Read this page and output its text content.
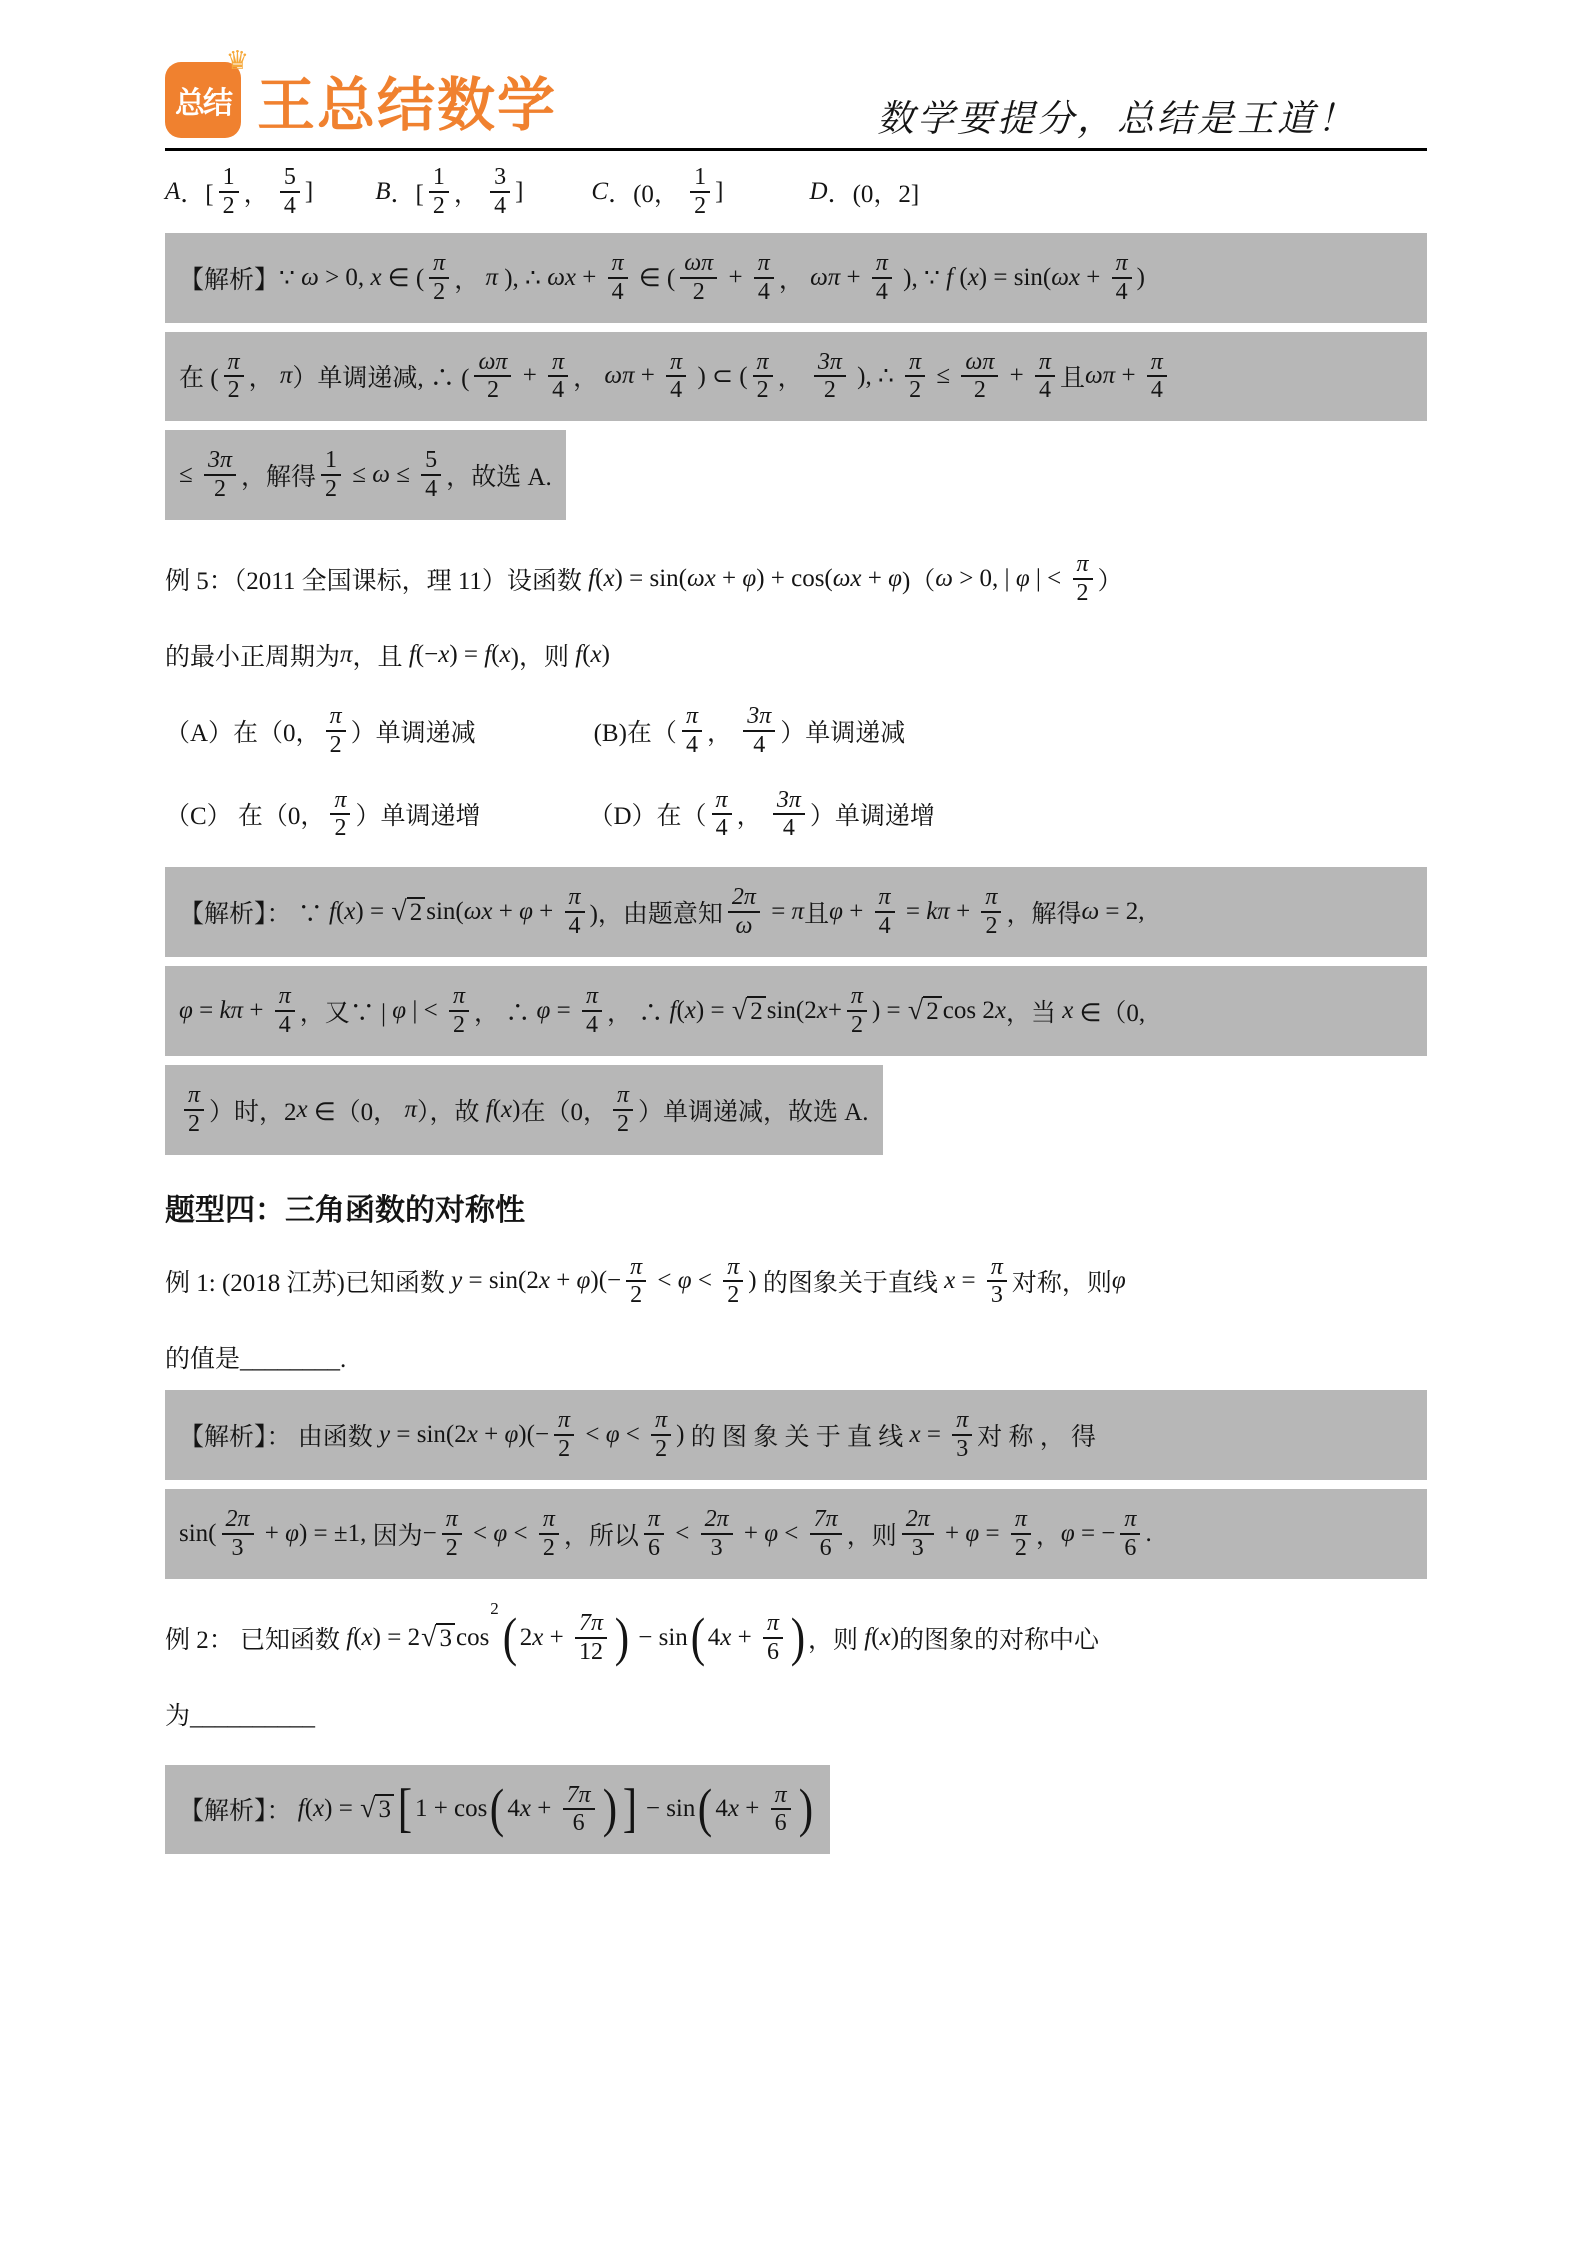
♛
总结 王总结数学	数学要提分，总结是王道！
A ．[ $\frac{1}{2}$ ， $\frac{5}{4}$ ] B ．[ $\frac{1}{2}$ ， $\frac{3}{4}$ ]	C ．(0， $\frac{1}{2}$ ]	D ．(0，2]
【解析】 ∵ ω > 0, x ∈ ( $\frac{\pi}{2}$ ， π ), ∴ $\omega x + \frac{\pi}{4}$ ∈ ( $\frac{\omega\pi}{2} + \frac{\pi}{4}$ ， $\omega\pi + \frac{\pi}{4}$ ), ∵ f ( x ) = sin( $\omega x + \frac{\pi}{4}$ )
在 ( $\frac{\pi}{2}$ ， π ）单调递减, ∴ ( $\frac{\omega\pi}{2} + \frac{\pi}{4}$ ， $\omega\pi + \frac{\pi}{4}$ ) ⊂ ( $\frac{\pi}{2}$ ， $\frac{3\pi}{2}$ ), ∴ $\frac{\pi}{2} \le \frac{\omega\pi}{2} + \frac{\pi}{4}$ 且 $\omega\pi + \frac{\pi}{4}$
≤ $\frac{3\pi}{2}$ ， 解得 $\frac{1}{2} \le \omega \le \frac{5}{4}$ ， 故选 A.
例 5：（2011 全国课标，理 11）设函数 f ( x ) = sin( ωx + φ ) + cos( ωx + φ )（ ω > 0, | φ | < $\frac{\pi}{2}$ ）
的最小正周期为 π ，且 f (− x ) = f ( x )， 则 f ( x )
（A）在（0， $\frac{\pi}{2}$ ）单调递减	(B)在（ $\frac{\pi}{4}$ ， $\frac{3\pi}{4}$ ）单调递减
（C） 在（0， $\frac{\pi}{2}$ ）单调递增	（D）在（ $\frac{\pi}{4}$ ， $\frac{3\pi}{4}$ ）单调递增
【解析】： ∵ f ( x ) = √ 2 sin( $\omega x + \varphi + \frac{\pi}{4}$ )， 由题意知 $\frac{2\pi}{\omega} = \pi$ 且 $\varphi + \frac{\pi}{4} = k\pi + \frac{\pi}{2}$ ， 解得 ω = 2,
$\varphi = k\pi + \frac{\pi}{4}$ ， 又∵ | φ | < $\frac{\pi}{2}$ ， ∴ $\varphi = \frac{\pi}{4}$ ， ∴ f ( x ) = √ 2 sin(2 $x + \frac{\pi}{2}$ ) = √ 2 cos 2 x ， 当 x ∈（0,
$\frac{\pi}{2}$ ）时，2 x ∈（0， π ），故 f ( x ) 在（0， $\frac{\pi}{2}$ ）单调递减，故选 A.
题型四：三角函数的对称性
例 1: (2018 江苏)已知函数 y = sin(2 x + φ )(− $\frac{\pi}{2} < \varphi < \frac{\pi}{2}$ ) 的图象关于直线 $x = \frac{\pi}{3}$ 对称，则 φ
的值是________.
【解析】： 由函数 y = sin(2 x + φ )(− $\frac{\pi}{2} < \varphi < \frac{\pi}{2}$ ) 的 图 象 关 于 直 线 $x = \frac{\pi}{3}$ 对 称 ， 得
$\sin( \frac{2\pi}{3} + \varphi$ ) = ±1, 因为 − $\frac{\pi}{2} < \varphi < \frac{\pi}{2}$ ， 所以 $\frac{\pi}{6} < \frac{2\pi}{3} + \varphi < \frac{7\pi}{6}$ ， 则 $\frac{2\pi}{3} + \varphi = \frac{\pi}{2}$ ， φ = − $\frac{\pi}{6}$ .
例 2： 已知函数 f ( x ) = 2 √ 3 cos
2 ( 2 $x + \frac{7\pi}{12}$ ) − sin ( 4 $x + \frac{\pi}{6}$ ) ， 则 f ( x ) 的图象的对称中心
为__________
【解析】： f ( x ) = √ 3 [ 1 + cos ( 4 $x + \frac{7\pi}{6}$ ) ] − sin ( 4 $x + \frac{\pi}{6}$ )
